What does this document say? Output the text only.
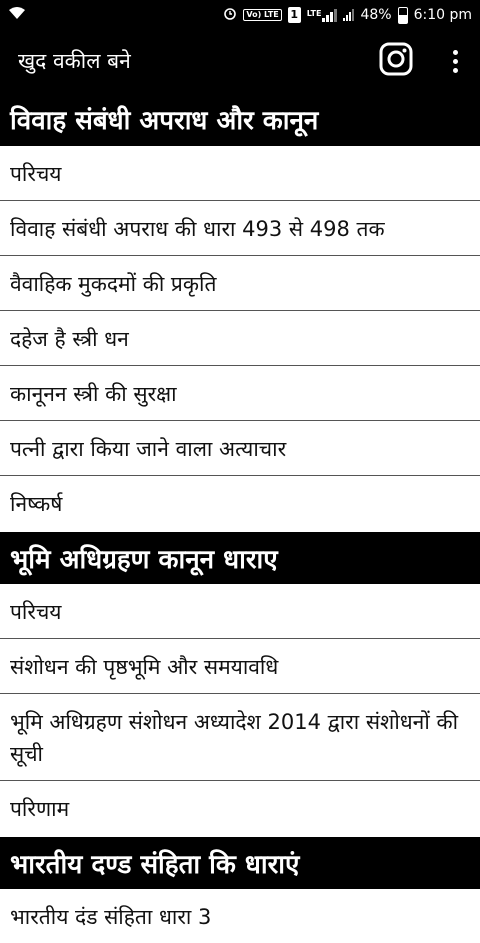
Vo) LTE 1	LTE	48% 6:10 pm
खुद वकील बने
विवाह संबंधी अपराध और कानून
परिचय
विवाह संबंधी अपराध की धारा 493 से 498 तक
वैवाहिक मुकदमों की प्रकृति
दहेज है स्त्री धन
कानूनन स्त्री की सुरक्षा
पत्नी द्वारा किया जाने वाला अत्याचार
निष्कर्ष
भूमि अधिग्रहण कानून धाराए
परिचय
संशोधन की पृष्ठभूमि और समयावधि
भूमि अधिग्रहण संशोधन अध्यादेश 2014 द्वारा संशोधनों की सूची
परिणाम
भारतीय दण्ड संहिता कि धाराएं
भारतीय दंड संहिता धारा 3
